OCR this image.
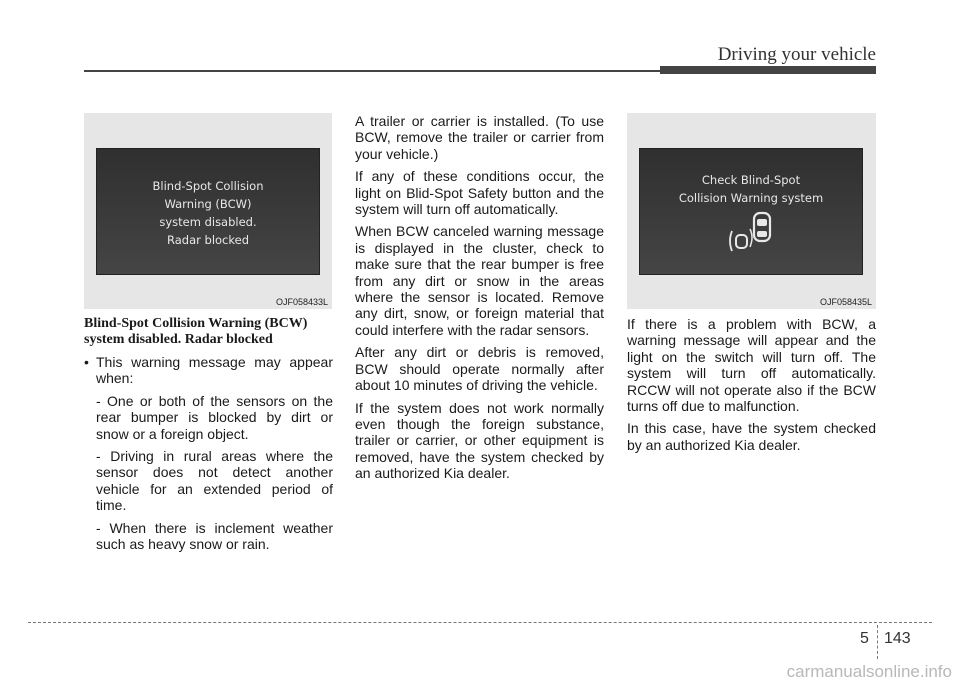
Driving your vehicle
Blind-Spot Collision
Warning (BCW)
system disabled.
Radar blocked
OJF058433L
Check Blind-Spot
Collision Warning system
OJF058435L

Blind-Spot Collision Warning (BCW) system disabled. Radar blocked

• This warning message may appear when:

- One or both of the sensors on the rear bumper is blocked by dirt or snow or a foreign object.

- Driving in rural areas where the sensor does not detect another vehicle for an extended period of time.

- When there is inclement weather such as heavy snow or rain.

A trailer or carrier is installed. (To use BCW, remove the trailer or carrier from your vehicle.)

If any of these conditions occur, the light on Blid-Spot Safety button and the system will turn off automatically.

When BCW canceled warning message is displayed in the cluster, check to make sure that the rear bumper is free from any dirt or snow in the areas where the sensor is located. Remove any dirt, snow, or foreign material that could interfere with the radar sensors.

After any dirt or debris is removed, BCW should operate normally after about 10 minutes of driving the vehicle.

If the system does not work normally even though the foreign substance, trailer or carrier, or other equipment is removed, have the system checked by an authorized Kia dealer.

If there is a problem with BCW, a warning message will appear and the light on the switch will turn off. The system will turn off automatically. RCCW will not operate also if the BCW turns off due to malfunction.

In this case, have the system checked by an authorized Kia dealer.

5 143
carmanualsonline.info
